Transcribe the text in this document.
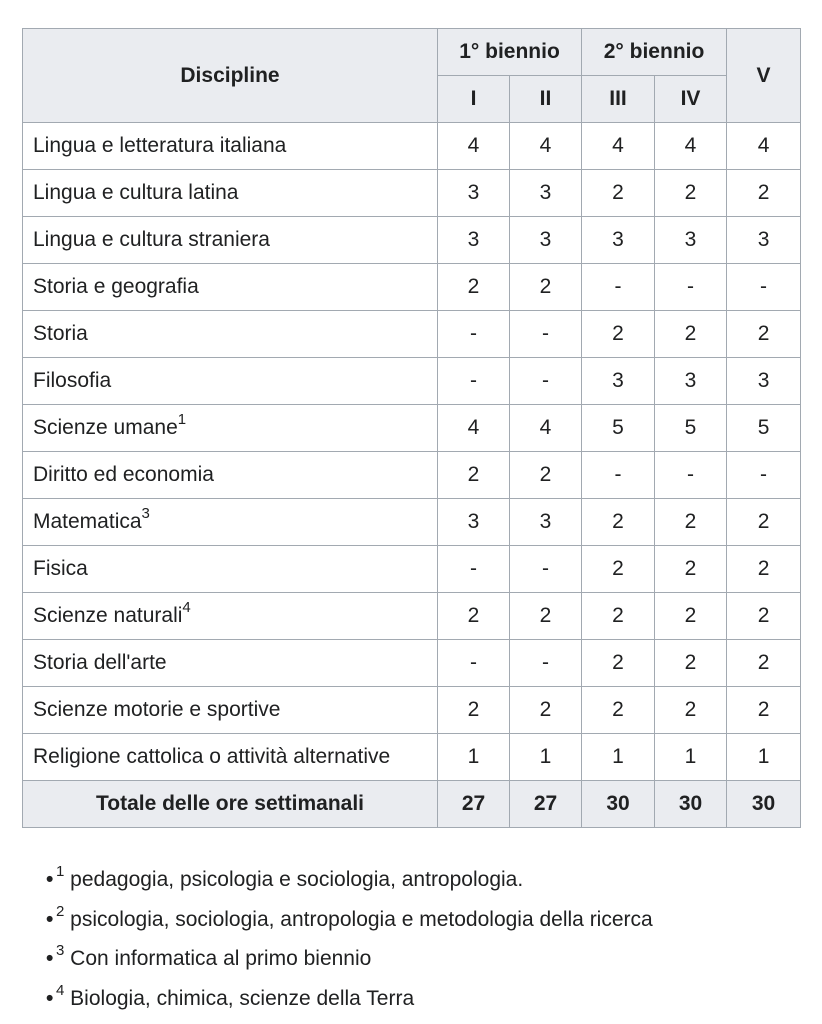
Discipline	1° biennio		2° biennio		V
	I	II	III	IV	
Lingua e letteratura italiana	4	4	4	4	4
Lingua e cultura latina	3	3	2	2	2
Lingua e cultura straniera	3	3	3	3	3
Storia e geografia	2	2	-	-	-
Storia	-	-	2	2	2
Filosofia	-	-	3	3	3
Scienze umane$^1$	4	4	5	5	5
Diritto ed economia	2	2	-	-	-
Matematica$^3$	3	3	2	2	2
Fisica	-	-	2	2	2
Scienze naturali$^4$	2	2	2	2	2
Storia dell'arte	-	-	2	2	2
Scienze motorie e sportive	2	2	2	2	2
Religione cattolica o attività alternative	1	1	1	1	1
Totale delle ore settimanali	27	27	30	30	30
• $^1$ pedagogia, psicologia e sociologia, antropologia.
• $^2$ psicologia, sociologia, antropologia e metodologia della ricerca
• $^3$ Con informatica al primo biennio
• $^4$ Biologia, chimica, scienze della Terra
